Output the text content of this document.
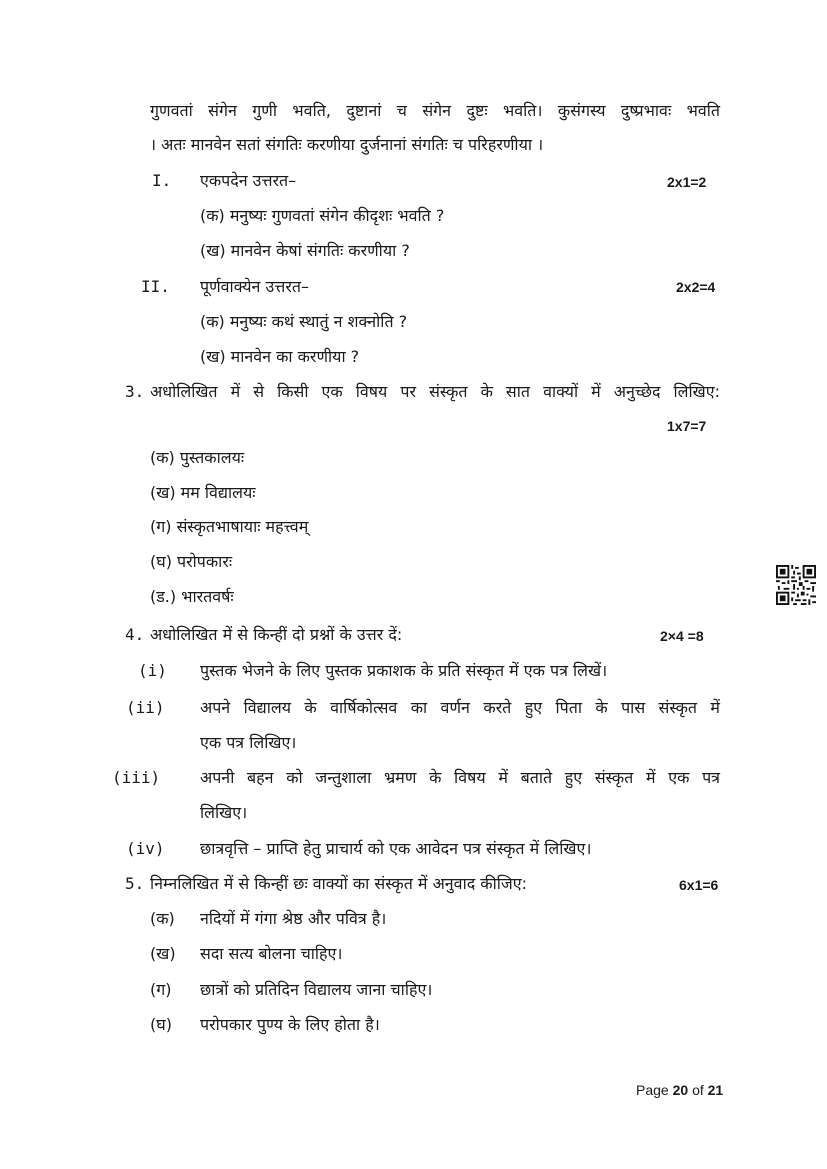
गुणवतां संगेन गुणी भवति, दुष्टानां च संगेन दुष्टः भवति। कुसंगस्य दुष्प्रभावः भवति
। अतः मानवेन सतां संगतिः करणीया दुर्जनानां संगतिः च परिहरणीया ।
I. एकपदेन उत्तरत–	2x1=2
(क) मनुष्यः गुणवतां संगेन कीदृशः भवति ?
(ख) मानवेन केषां संगतिः करणीया ?
II. पूर्णवाक्येन उत्तरत–	2x2=4
(क) मनुष्यः कथं स्थातुं न शक्नोति ?
(ख) मानवेन का करणीया ?
3. अधोलिखित में से किसी एक विषय पर संस्कृत के सात वाक्यों में अनुच्छेद लिखिए:
1x7=7
(क) पुस्तकालयः
(ख) मम विद्यालयः
(ग) संस्कृतभाषायाः महत्त्वम्
(घ) परोपकारः
(ड.) भारतवर्षः
4. अधोलिखित में से किन्हीं दो प्रश्नों के उत्तर दें:	2×4 =8
(i) पुस्तक भेजने के लिए पुस्तक प्रकाशक के प्रति संस्कृत में एक पत्र लिखें।
(ii) अपने विद्यालय के वार्षिकोत्सव का वर्णन करते हुए पिता के पास संस्कृत में
एक पत्र लिखिए।
(iii) अपनी बहन को जन्तुशाला भ्रमण के विषय में बताते हुए संस्कृत में एक पत्र
लिखिए।
(iv) छात्रवृत्ति – प्राप्ति हेतु प्राचार्य को एक आवेदन पत्र संस्कृत में लिखिए।
5. निम्नलिखित में से किन्हीं छः वाक्यों का संस्कृत में अनुवाद कीजिए:	6x1=6
(क) नदियों में गंगा श्रेष्ठ और पवित्र है।
(ख) सदा सत्य बोलना चाहिए।
(ग) छात्रों को प्रतिदिन विद्यालय जाना चाहिए।
(घ) परोपकार पुण्य के लिए होता है।
Page 20 of 21
